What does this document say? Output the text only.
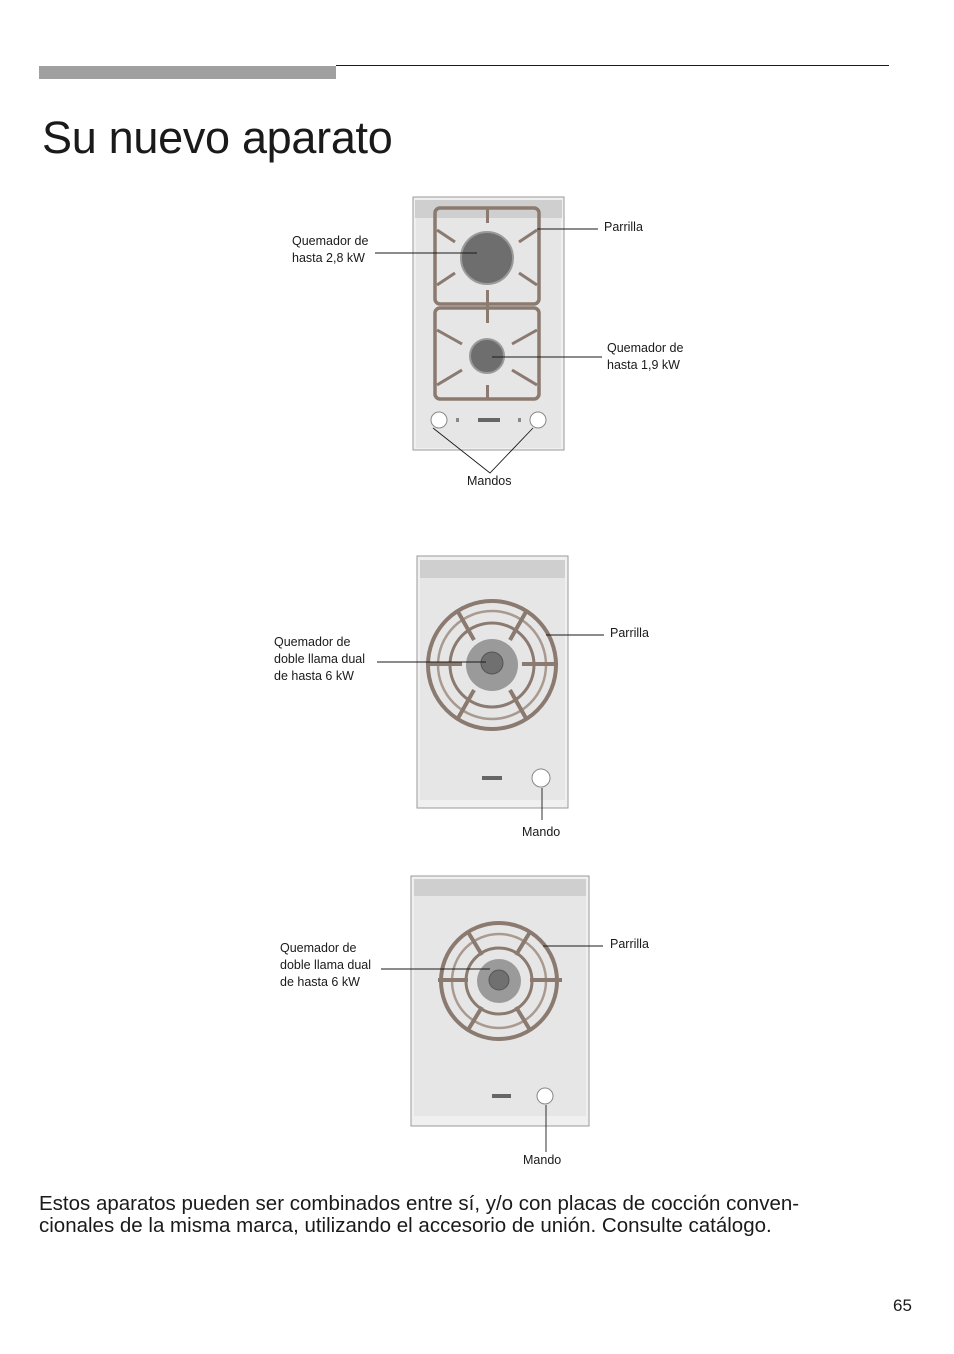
Su nuevo aparato
Quemador de
hasta 2,8 kW
Parrilla
Quemador de
hasta 1,9 kW
Mandos
Quemador de
doble llama dual
de hasta 6 kW
Parrilla
Mando
Quemador de
doble llama dual
de hasta 6 kW
Parrilla
Mando
Estos aparatos pueden ser combinados entre sí, y/o con placas de cocción conven-
cionales de la misma marca, utilizando el accesorio de unión. Consulte catálogo.
65
